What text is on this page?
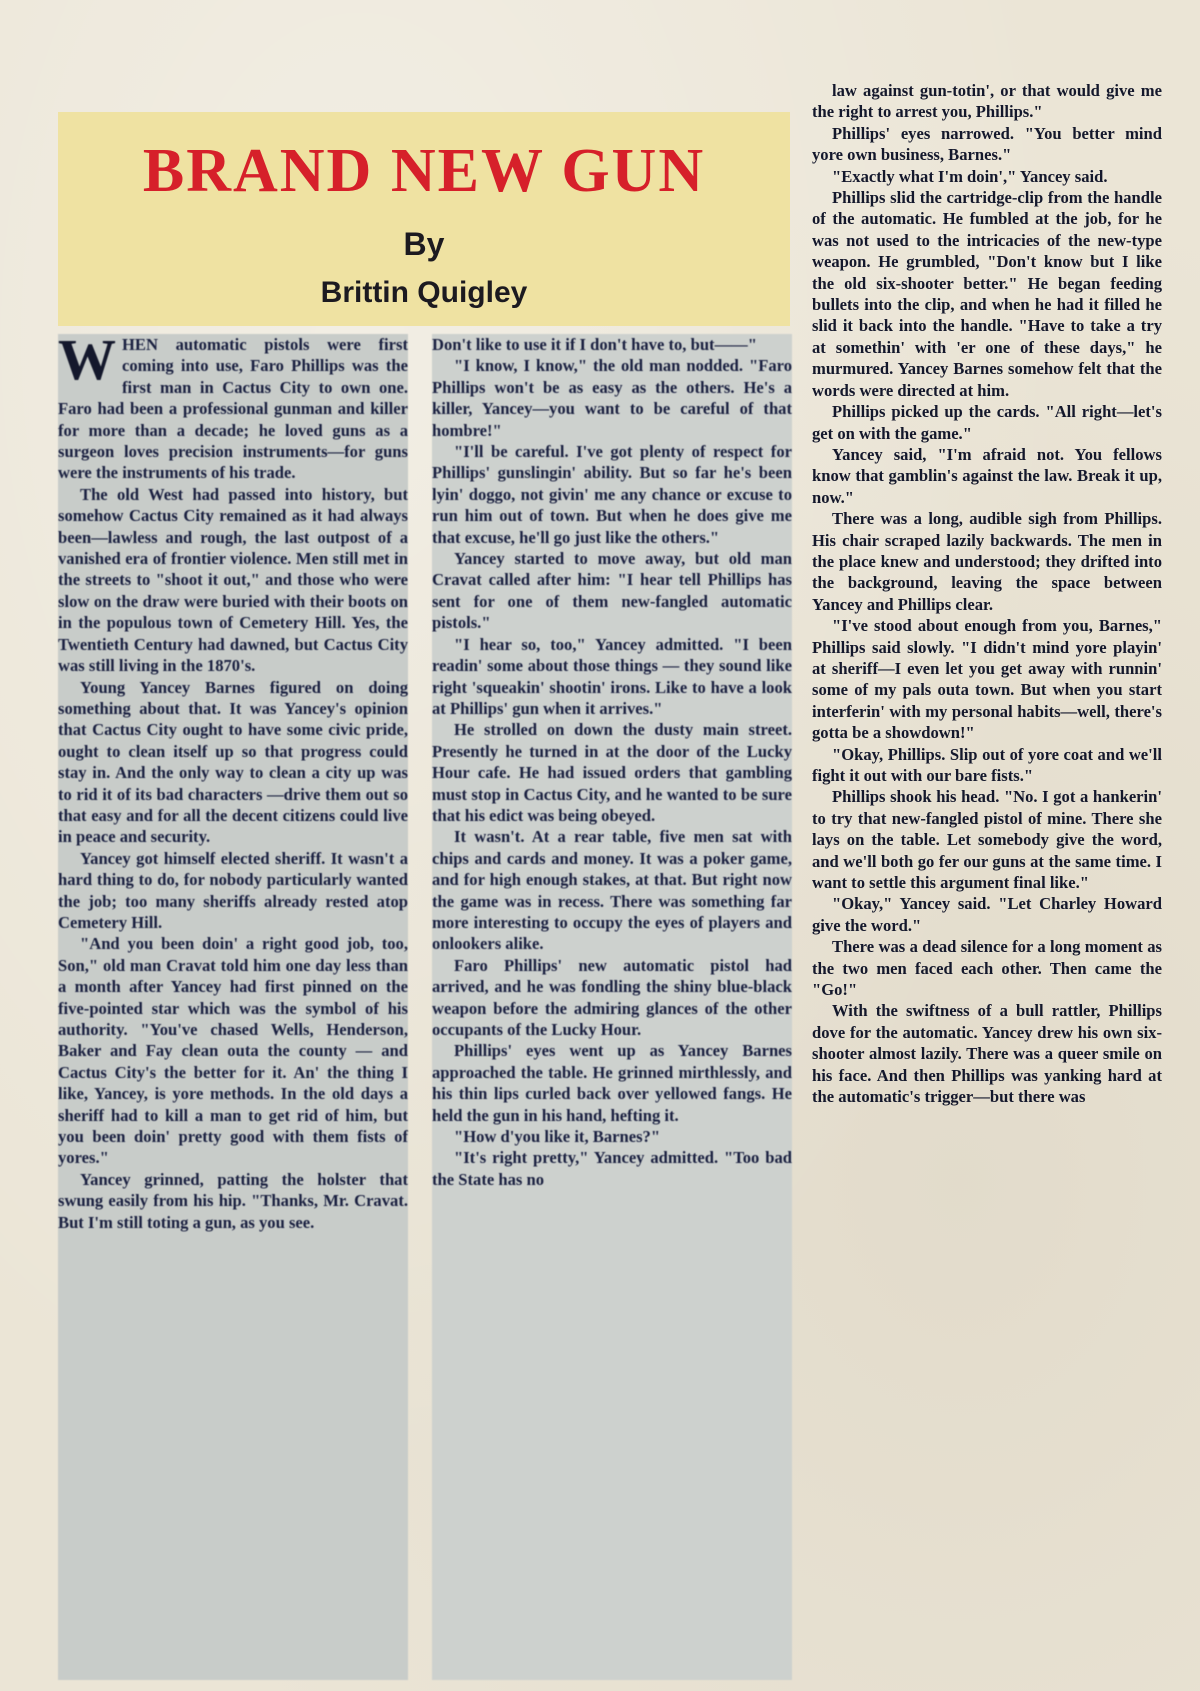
BRAND NEW GUN
By
Brittin Quigley
W HEN automatic pistols were first coming into use, Faro Phillips was the first man in Cactus City to own one. Faro had been a professional gunman and killer for more than a decade; he loved guns as a surgeon loves precision instruments—for guns were the instruments of his trade.

The old West had passed into history, but somehow Cactus City remained as it had always been—lawless and rough, the last outpost of a vanished era of frontier violence. Men still met in the streets to "shoot it out," and those who were slow on the draw were buried with their boots on in the populous town of Cemetery Hill. Yes, the Twentieth Century had dawned, but Cactus City was still living in the 1870's.

Young Yancey Barnes figured on doing something about that. It was Yancey's opinion that Cactus City ought to have some civic pride, ought to clean itself up so that progress could stay in. And the only way to clean a city up was to rid it of its bad characters —drive them out so that easy and for all the decent citizens could live in peace and security.

Yancey got himself elected sheriff. It wasn't a hard thing to do, for nobody particularly wanted the job; too many sheriffs already rested atop Cemetery Hill.

"And you been doin' a right good job, too, Son," old man Cravat told him one day less than a month after Yancey had first pinned on the five-pointed star which was the symbol of his authority. "You've chased Wells, Henderson, Baker and Fay clean outa the county — and Cactus City's the better for it. An' the thing I like, Yancey, is yore methods. In the old days a sheriff had to kill a man to get rid of him, but you been doin' pretty good with them fists of yores."

Yancey grinned, patting the holster that swung easily from his hip. "Thanks, Mr. Cravat. But I'm still toting a gun, as you see.

Don't like to use it if I don't have to, but——"

"I know, I know," the old man nodded. "Faro Phillips won't be as easy as the others. He's a killer, Yancey—you want to be careful of that hombre!"

"I'll be careful. I've got plenty of respect for Phillips' gunslingin' ability. But so far he's been lyin' doggo, not givin' me any chance or excuse to run him out of town. But when he does give me that excuse, he'll go just like the others."

Yancey started to move away, but old man Cravat called after him: "I hear tell Phillips has sent for one of them new-fangled automatic pistols."

"I hear so, too," Yancey admitted. "I been readin' some about those things — they sound like right 'squeakin' shootin' irons. Like to have a look at Phillips' gun when it arrives."

He strolled on down the dusty main street. Presently he turned in at the door of the Lucky Hour cafe. He had issued orders that gambling must stop in Cactus City, and he wanted to be sure that his edict was being obeyed.

It wasn't. At a rear table, five men sat with chips and cards and money. It was a poker game, and for high enough stakes, at that. But right now the game was in recess. There was something far more interesting to occupy the eyes of players and onlookers alike.

Faro Phillips' new automatic pistol had arrived, and he was fondling the shiny blue-black weapon before the admiring glances of the other occupants of the Lucky Hour.

Phillips' eyes went up as Yancey Barnes approached the table. He grinned mirthlessly, and his thin lips curled back over yellowed fangs. He held the gun in his hand, hefting it.

"How d'you like it, Barnes?"

"It's right pretty," Yancey admitted. "Too bad the State has no

law against gun-totin', or that would give me the right to arrest you, Phillips."

Phillips' eyes narrowed. "You better mind yore own business, Barnes."

"Exactly what I'm doin'," Yancey said.

Phillips slid the cartridge-clip from the handle of the automatic. He fumbled at the job, for he was not used to the intricacies of the new-type weapon. He grumbled, "Don't know but I like the old six-shooter better." He began feeding bullets into the clip, and when he had it filled he slid it back into the handle. "Have to take a try at somethin' with 'er one of these days," he murmured. Yancey Barnes somehow felt that the words were directed at him.

Phillips picked up the cards. "All right—let's get on with the game."

Yancey said, "I'm afraid not. You fellows know that gamblin's against the law. Break it up, now."

There was a long, audible sigh from Phillips. His chair scraped lazily backwards. The men in the place knew and understood; they drifted into the background, leaving the space between Yancey and Phillips clear.

"I've stood about enough from you, Barnes," Phillips said slowly. "I didn't mind yore playin' at sheriff—I even let you get away with runnin' some of my pals outa town. But when you start interferin' with my personal habits—well, there's gotta be a showdown!"

"Okay, Phillips. Slip out of yore coat and we'll fight it out with our bare fists."

Phillips shook his head. "No. I got a hankerin' to try that new-fangled pistol of mine. There she lays on the table. Let somebody give the word, and we'll both go fer our guns at the same time. I want to settle this argument final like."

"Okay," Yancey said. "Let Charley Howard give the word."

There was a dead silence for a long moment as the two men faced each other. Then came the "Go!"

With the swiftness of a bull rattler, Phillips dove for the automatic. Yancey drew his own six-shooter almost lazily. There was a queer smile on his face. And then Phillips was yanking hard at the automatic's trigger—but there was
